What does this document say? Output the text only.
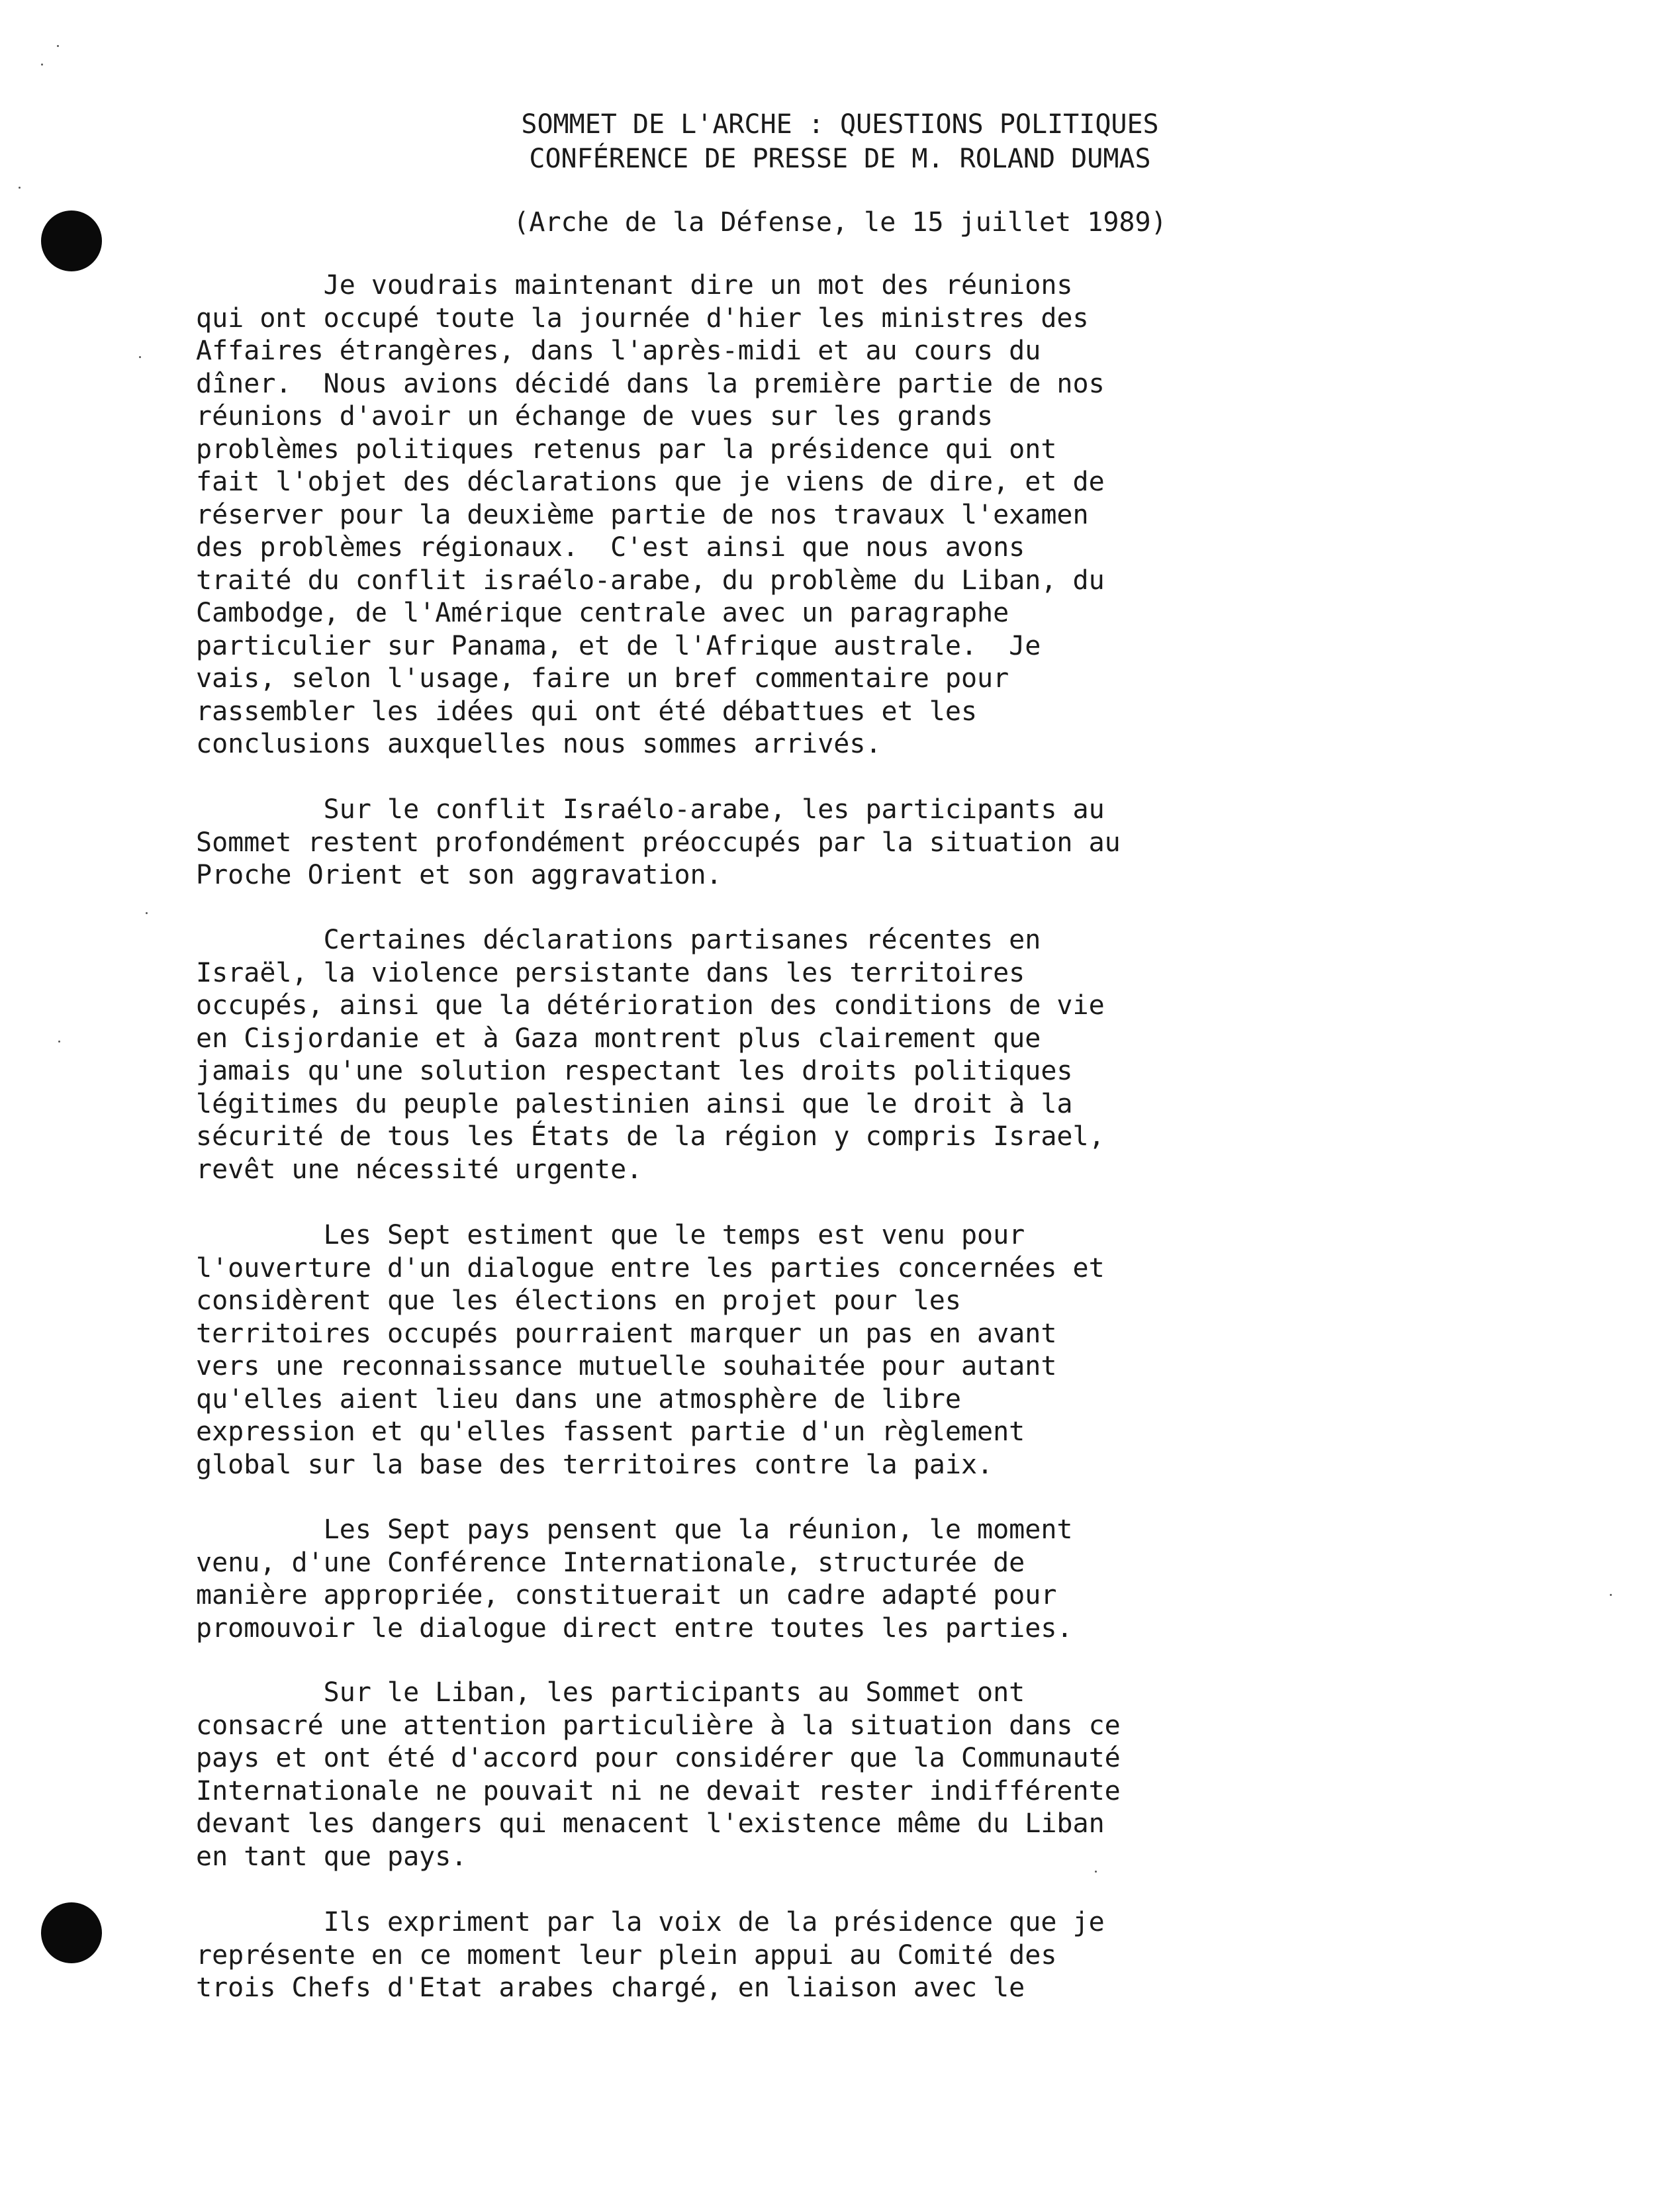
SOMMET DE L'ARCHE : QUESTIONS POLITIQUES
CONFÉRENCE DE PRESSE DE M. ROLAND DUMAS
(Arche de la Défense, le 15 juillet 1989)
Je voudrais maintenant dire un mot des réunions
qui ont occupé toute la journée d'hier les ministres des
Affaires étrangères, dans l'après-midi et au cours du
dîner.  Nous avions décidé dans la première partie de nos
réunions d'avoir un échange de vues sur les grands
problèmes politiques retenus par la présidence qui ont
fait l'objet des déclarations que je viens de dire, et de
réserver pour la deuxième partie de nos travaux l'examen
des problèmes régionaux.  C'est ainsi que nous avons
traité du conflit israélo-arabe, du problème du Liban, du
Cambodge, de l'Amérique centrale avec un paragraphe
particulier sur Panama, et de l'Afrique australe.  Je
vais, selon l'usage, faire un bref commentaire pour
rassembler les idées qui ont été débattues et les
conclusions auxquelles nous sommes arrivés.
Sur le conflit Israélo-arabe, les participants au
Sommet restent profondément préoccupés par la situation au
Proche Orient et son aggravation.
Certaines déclarations partisanes récentes en
Israël, la violence persistante dans les territoires
occupés, ainsi que la détérioration des conditions de vie
en Cisjordanie et à Gaza montrent plus clairement que
jamais qu'une solution respectant les droits politiques
légitimes du peuple palestinien ainsi que le droit à la
sécurité de tous les États de la région y compris Israel,
revêt une nécessité urgente.
Les Sept estiment que le temps est venu pour
l'ouverture d'un dialogue entre les parties concernées et
considèrent que les élections en projet pour les
territoires occupés pourraient marquer un pas en avant
vers une reconnaissance mutuelle souhaitée pour autant
qu'elles aient lieu dans une atmosphère de libre
expression et qu'elles fassent partie d'un règlement
global sur la base des territoires contre la paix.
Les Sept pays pensent que la réunion, le moment
venu, d'une Conférence Internationale, structurée de
manière appropriée, constituerait un cadre adapté pour
promouvoir le dialogue direct entre toutes les parties.
Sur le Liban, les participants au Sommet ont
consacré une attention particulière à la situation dans ce
pays et ont été d'accord pour considérer que la Communauté
Internationale ne pouvait ni ne devait rester indifférente
devant les dangers qui menacent l'existence même du Liban
en tant que pays.
Ils expriment par la voix de la présidence que je
représente en ce moment leur plein appui au Comité des
trois Chefs d'Etat arabes chargé, en liaison avec le
